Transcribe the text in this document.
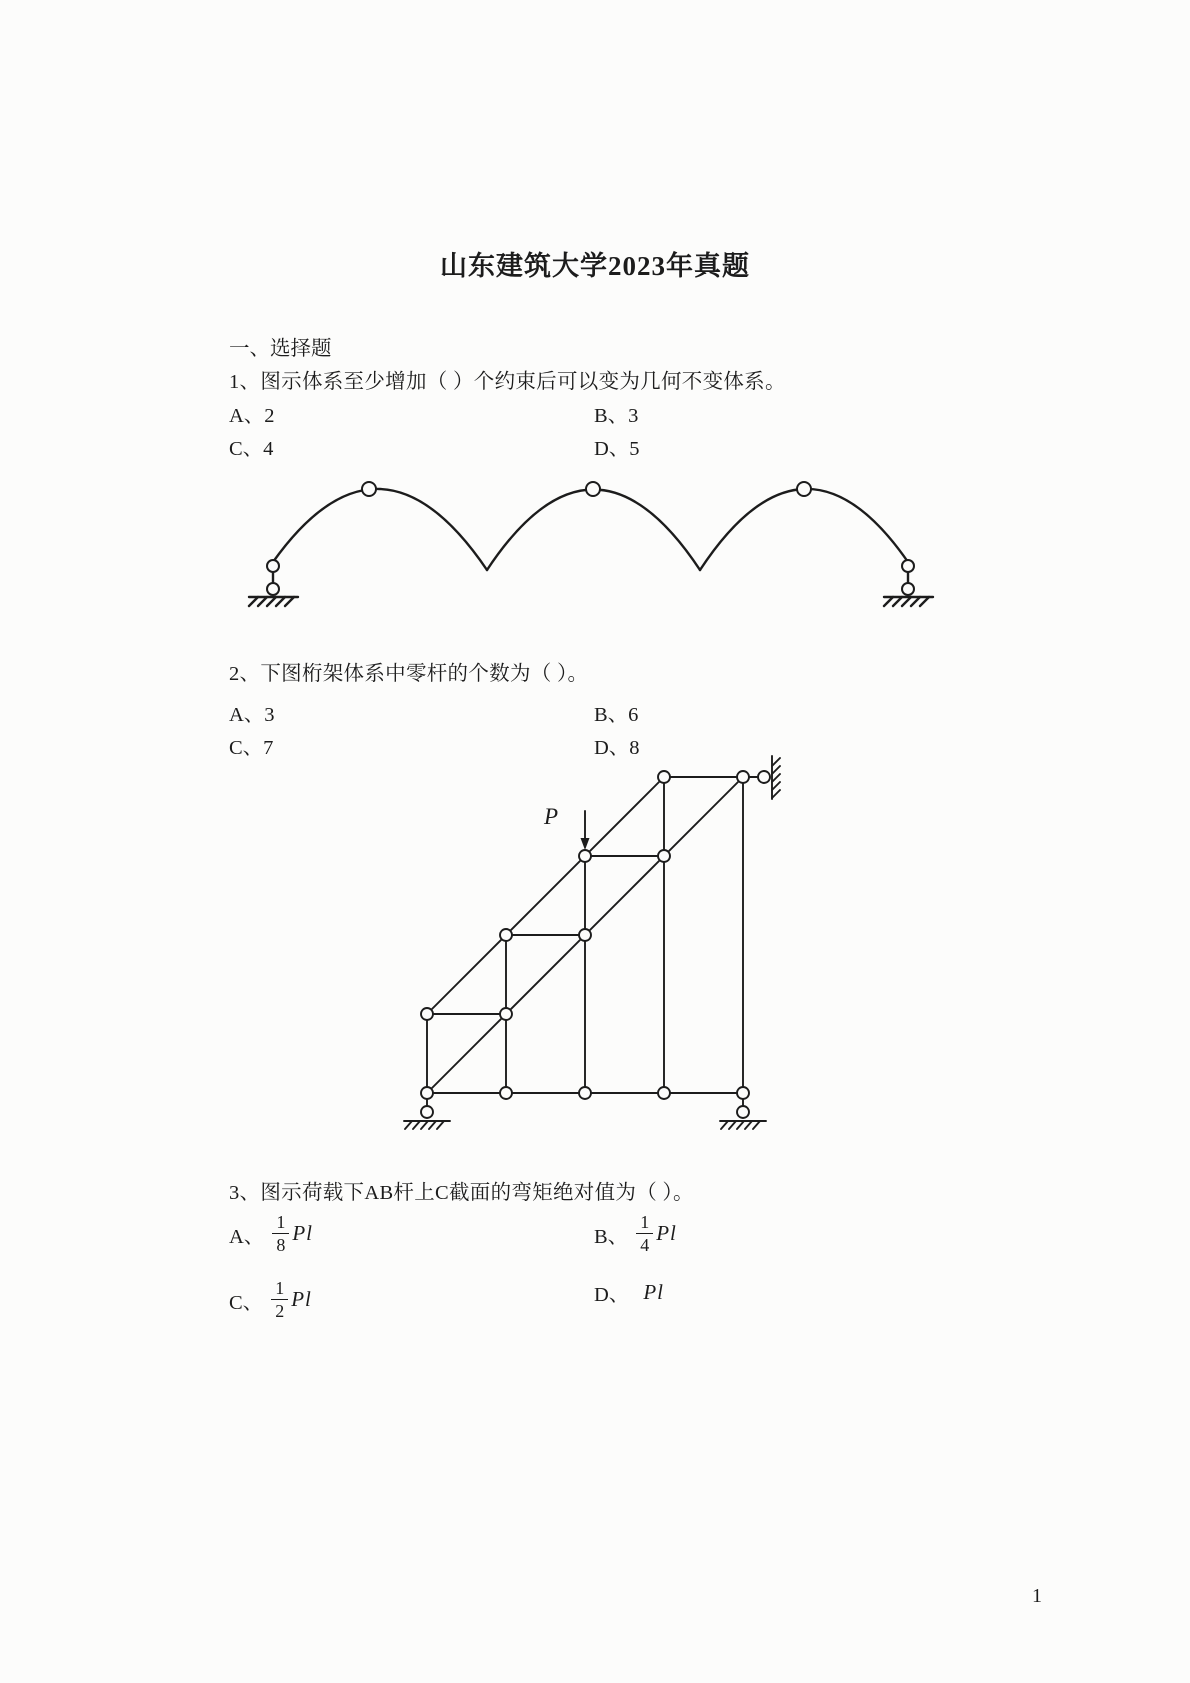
山东建筑大学2023年真题
一、选择题
1、图示体系至少增加（ ）个约束后可以变为几何不变体系。
A、2	B、3
C、4	D、5
2、下图桁架体系中零杆的个数为（ ）。
A、3	B、6
C、7	D、8
P
3、图示荷载下AB杆上C截面的弯矩绝对值为（ ）。
A、 $\frac{1}{8}$ Pl	B、 $\frac{1}{4}$ Pl
C、 $\frac{1}{2}$ Pl	D、 Pl
1
